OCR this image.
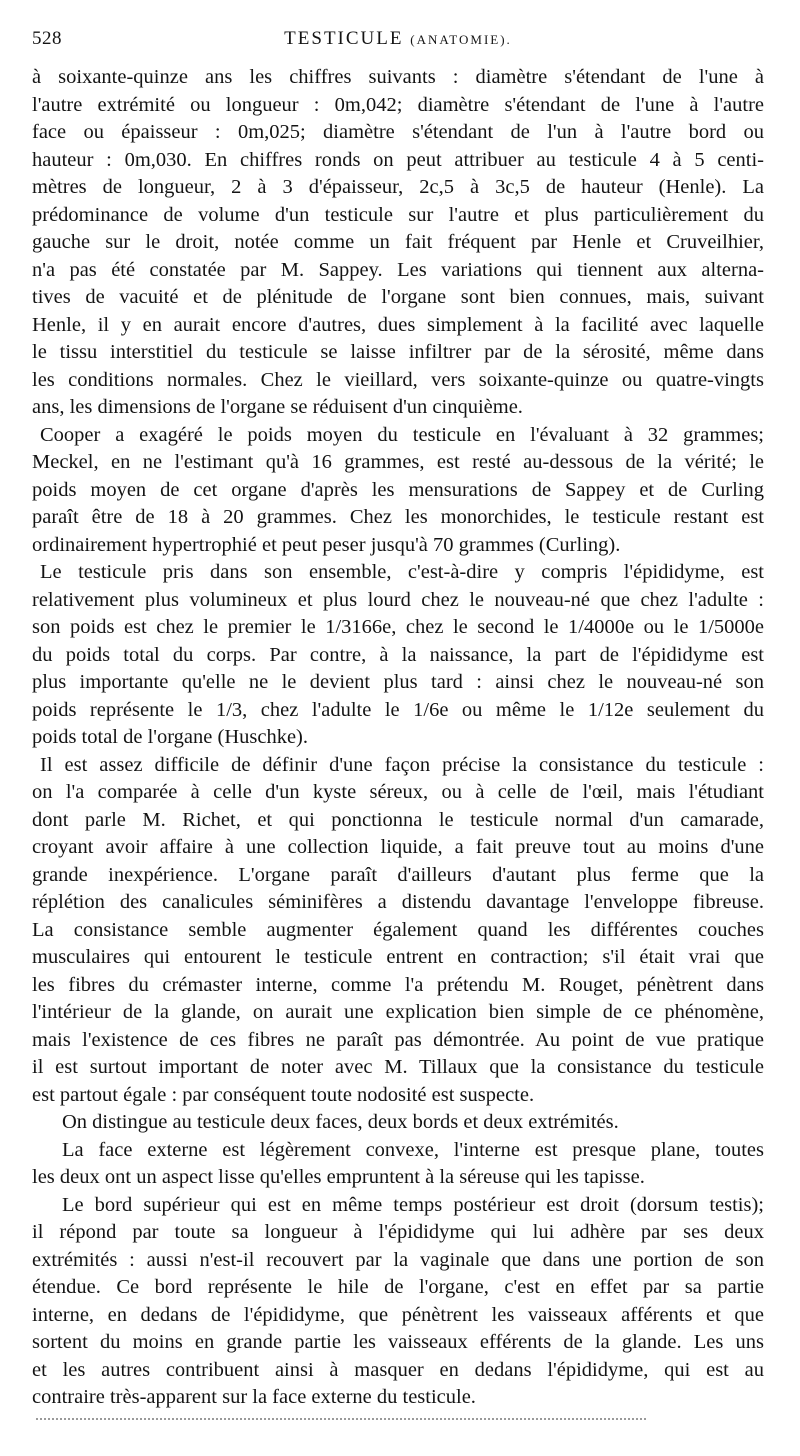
528	TESTICULE (ANATOMIE).
à soixante-quinze ans les chiffres suivants : diamètre s'étendant de l'une à
l'autre extrémité ou longueur : 0m,042; diamètre s'étendant de l'une à l'autre
face ou épaisseur : 0m,025; diamètre s'étendant de l'un à l'autre bord ou
hauteur : 0m,030. En chiffres ronds on peut attribuer au testicule 4 à 5 centi-
mètres de longueur, 2 à 3 d'épaisseur, 2c,5 à 3c,5 de hauteur (Henle). La
prédominance de volume d'un testicule sur l'autre et plus particulièrement du
gauche sur le droit, notée comme un fait fréquent par Henle et Cruveilhier,
n'a pas été constatée par M. Sappey. Les variations qui tiennent aux alterna-
tives de vacuité et de plénitude de l'organe sont bien connues, mais, suivant
Henle, il y en aurait encore d'autres, dues simplement à la facilité avec laquelle
le tissu interstitiel du testicule se laisse infiltrer par de la sérosité, même dans
les conditions normales. Chez le vieillard, vers soixante-quinze ou quatre-vingts
ans, les dimensions de l'organe se réduisent d'un cinquième.
Cooper a exagéré le poids moyen du testicule en l'évaluant à 32 grammes;
Meckel, en ne l'estimant qu'à 16 grammes, est resté au-dessous de la vérité; le
poids moyen de cet organe d'après les mensurations de Sappey et de Curling
paraît être de 18 à 20 grammes. Chez les monorchides, le testicule restant est
ordinairement hypertrophié et peut peser jusqu'à 70 grammes (Curling).
Le testicule pris dans son ensemble, c'est-à-dire y compris l'épididyme, est
relativement plus volumineux et plus lourd chez le nouveau-né que chez l'adulte :
son poids est chez le premier le 1/3166e, chez le second le 1/4000e ou le 1/5000e
du poids total du corps. Par contre, à la naissance, la part de l'épididyme est
plus importante qu'elle ne le devient plus tard : ainsi chez le nouveau-né son
poids représente le 1/3, chez l'adulte le 1/6e ou même le 1/12e seulement du
poids total de l'organe (Huschke).
Il est assez difficile de définir d'une façon précise la consistance du testicule :
on l'a comparée à celle d'un kyste séreux, ou à celle de l'œil, mais l'étudiant
dont parle M. Richet, et qui ponctionna le testicule normal d'un camarade,
croyant avoir affaire à une collection liquide, a fait preuve tout au moins d'une
grande inexpérience. L'organe paraît d'ailleurs d'autant plus ferme que la
réplétion des canalicules séminifères a distendu davantage l'enveloppe fibreuse.
La consistance semble augmenter également quand les différentes couches
musculaires qui entourent le testicule entrent en contraction; s'il était vrai que
les fibres du crémaster interne, comme l'a prétendu M. Rouget, pénètrent dans
l'intérieur de la glande, on aurait une explication bien simple de ce phénomène,
mais l'existence de ces fibres ne paraît pas démontrée. Au point de vue pratique
il est surtout important de noter avec M. Tillaux que la consistance du testicule
est partout égale : par conséquent toute nodosité est suspecte.
On distingue au testicule deux faces, deux bords et deux extrémités.
La face externe est légèrement convexe, l'interne est presque plane, toutes
les deux ont un aspect lisse qu'elles empruntent à la séreuse qui les tapisse.
Le bord supérieur qui est en même temps postérieur est droit (dorsum testis);
il répond par toute sa longueur à l'épididyme qui lui adhère par ses deux
extrémités : aussi n'est-il recouvert par la vaginale que dans une portion de son
étendue. Ce bord représente le hile de l'organe, c'est en effet par sa partie
interne, en dedans de l'épididyme, que pénètrent les vaisseaux afférents et que
sortent du moins en grande partie les vaisseaux efférents de la glande. Les uns
et les autres contribuent ainsi à masquer en dedans l'épididyme, qui est au
contraire très-apparent sur la face externe du testicule.
